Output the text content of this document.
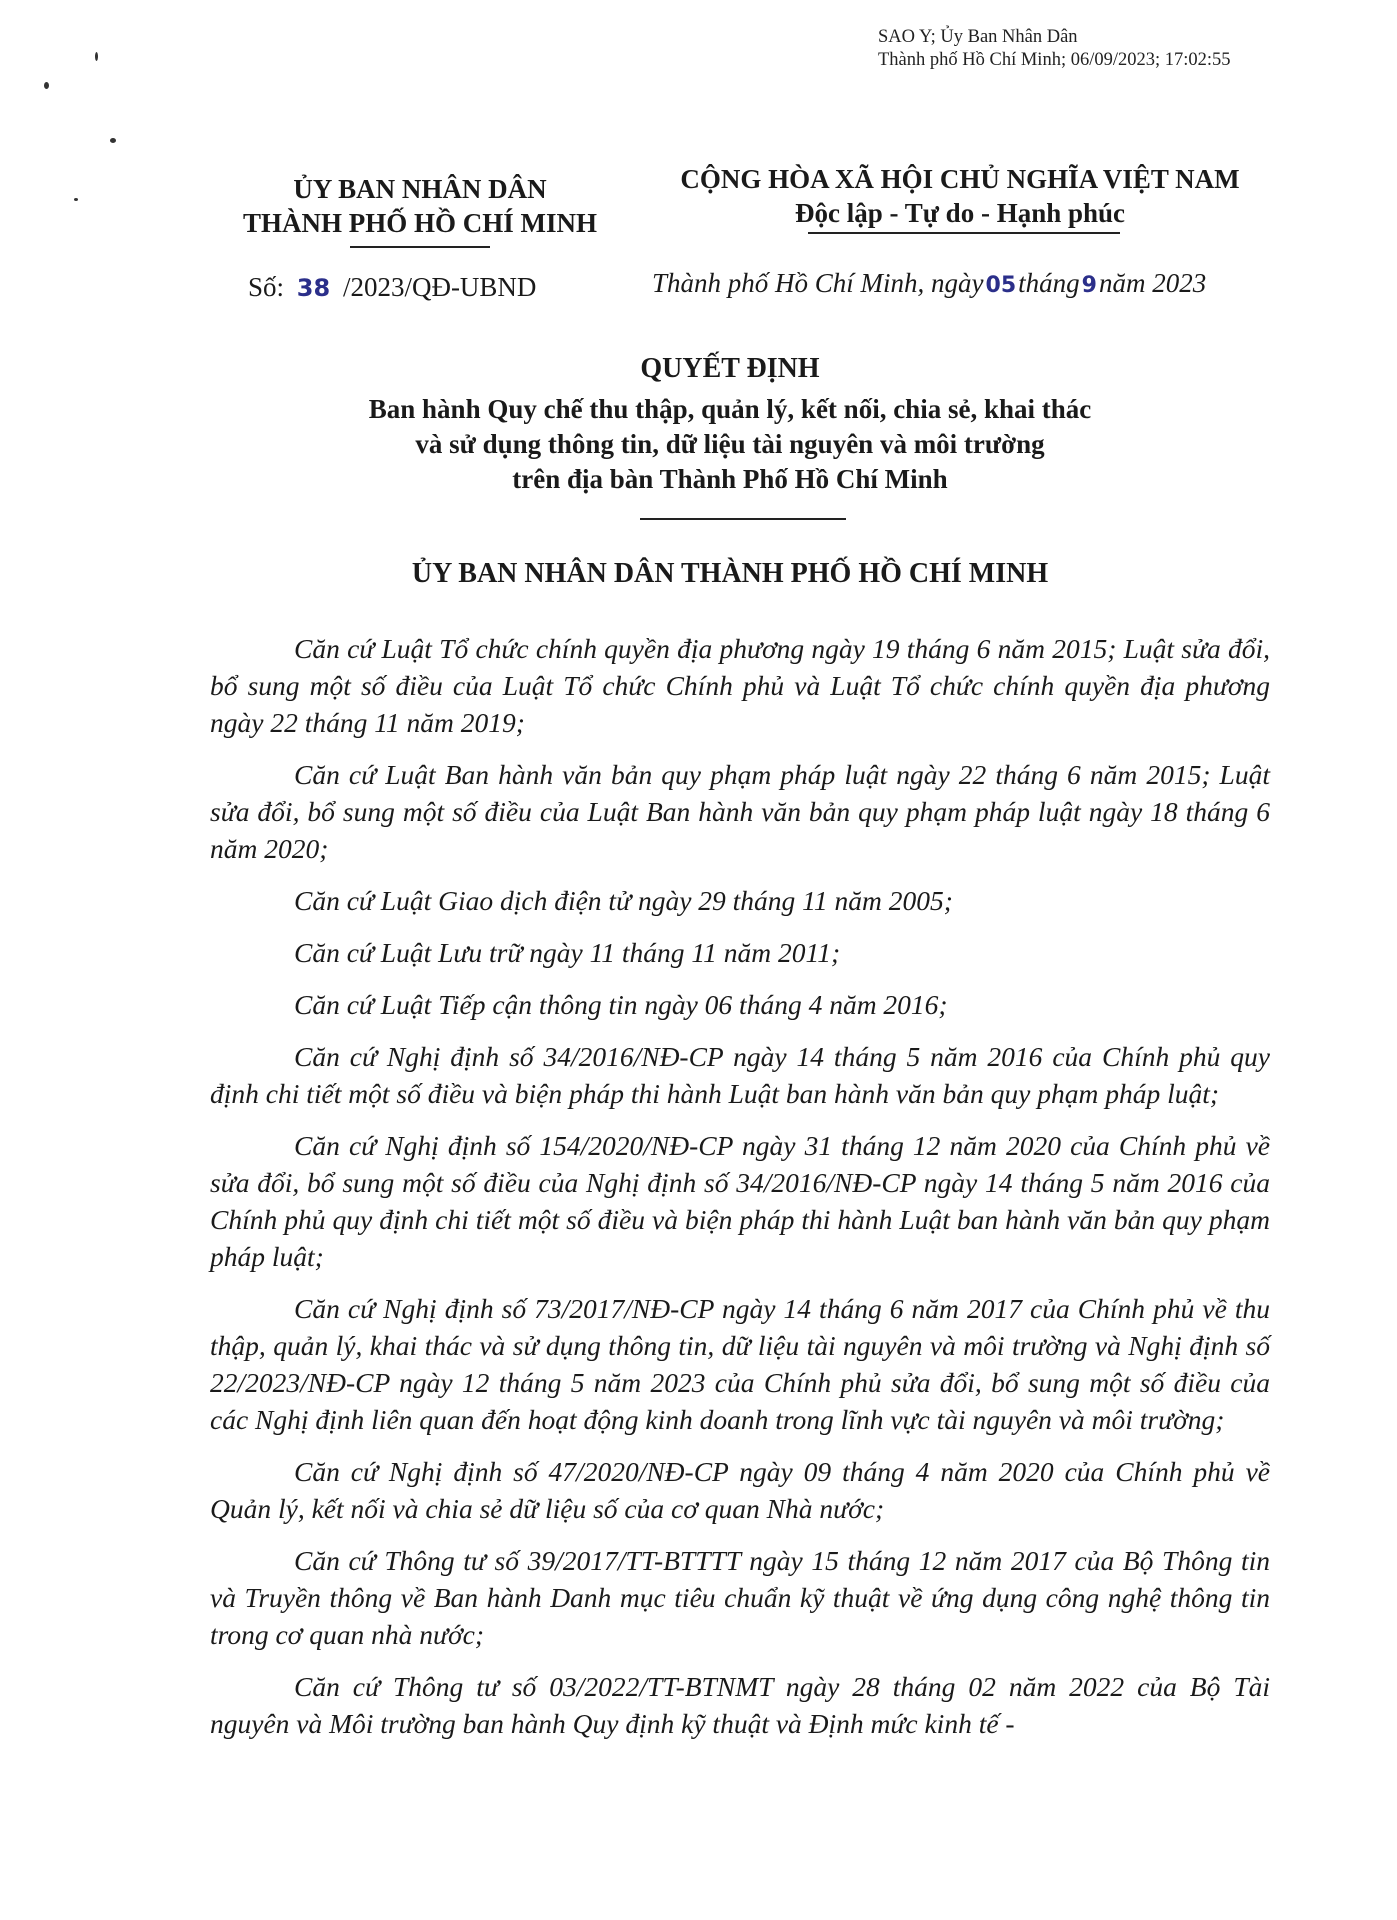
SAO Y; Ủy Ban Nhân Dân
Thành phố Hồ Chí Minh; 06/09/2023; 17:02:55
ỦY BAN NHÂN DÂN
THÀNH PHỐ HỒ CHÍ MINH
CỘNG HÒA XÃ HỘI CHỦ NGHĨA VIỆT NAM
Độc lập - Tự do - Hạnh phúc
Số: 38 /2023/QĐ-UBND	Thành phố Hồ Chí Minh, ngày05tháng9năm 2023
QUYẾT ĐỊNH
Ban hành Quy chế thu thập, quản lý, kết nối, chia sẻ, khai thác
và sử dụng thông tin, dữ liệu tài nguyên và môi trường
trên địa bàn Thành Phố Hồ Chí Minh
ỦY BAN NHÂN DÂN THÀNH PHỐ HỒ CHÍ MINH

Căn cứ Luật Tổ chức chính quyền địa phương ngày 19 tháng 6 năm 2015; Luật sửa đổi, bổ sung một số điều của Luật Tổ chức Chính phủ và Luật Tổ chức chính quyền địa phương ngày 22 tháng 11 năm 2019;

Căn cứ Luật Ban hành văn bản quy phạm pháp luật ngày 22 tháng 6 năm 2015; Luật sửa đổi, bổ sung một số điều của Luật Ban hành văn bản quy phạm pháp luật ngày 18 tháng 6 năm 2020;

Căn cứ Luật Giao dịch điện tử ngày 29 tháng 11 năm 2005;

Căn cứ Luật Lưu trữ ngày 11 tháng 11 năm 2011;

Căn cứ Luật Tiếp cận thông tin ngày 06 tháng 4 năm 2016;

Căn cứ Nghị định số 34/2016/NĐ-CP ngày 14 tháng 5 năm 2016 của Chính phủ quy định chi tiết một số điều và biện pháp thi hành Luật ban hành văn bản quy phạm pháp luật;

Căn cứ Nghị định số 154/2020/NĐ-CP ngày 31 tháng 12 năm 2020 của Chính phủ về sửa đổi, bổ sung một số điều của Nghị định số 34/2016/NĐ-CP ngày 14 tháng 5 năm 2016 của Chính phủ quy định chi tiết một số điều và biện pháp thi hành Luật ban hành văn bản quy phạm pháp luật;

Căn cứ Nghị định số 73/2017/NĐ-CP ngày 14 tháng 6 năm 2017 của Chính phủ về thu thập, quản lý, khai thác và sử dụng thông tin, dữ liệu tài nguyên và môi trường và Nghị định số 22/2023/NĐ-CP ngày 12 tháng 5 năm 2023 của Chính phủ sửa đổi, bổ sung một số điều của các Nghị định liên quan đến hoạt động kinh doanh trong lĩnh vực tài nguyên và môi trường;

Căn cứ Nghị định số 47/2020/NĐ-CP ngày 09 tháng 4 năm 2020 của Chính phủ về Quản lý, kết nối và chia sẻ dữ liệu số của cơ quan Nhà nước;

Căn cứ Thông tư số 39/2017/TT-BTTTT ngày 15 tháng 12 năm 2017 của Bộ Thông tin và Truyền thông về Ban hành Danh mục tiêu chuẩn kỹ thuật về ứng dụng công nghệ thông tin trong cơ quan nhà nước;

Căn cứ Thông tư số 03/2022/TT-BTNMT ngày 28 tháng 02 năm 2022 của Bộ Tài nguyên và Môi trường ban hành Quy định kỹ thuật và Định mức kinh tế -
